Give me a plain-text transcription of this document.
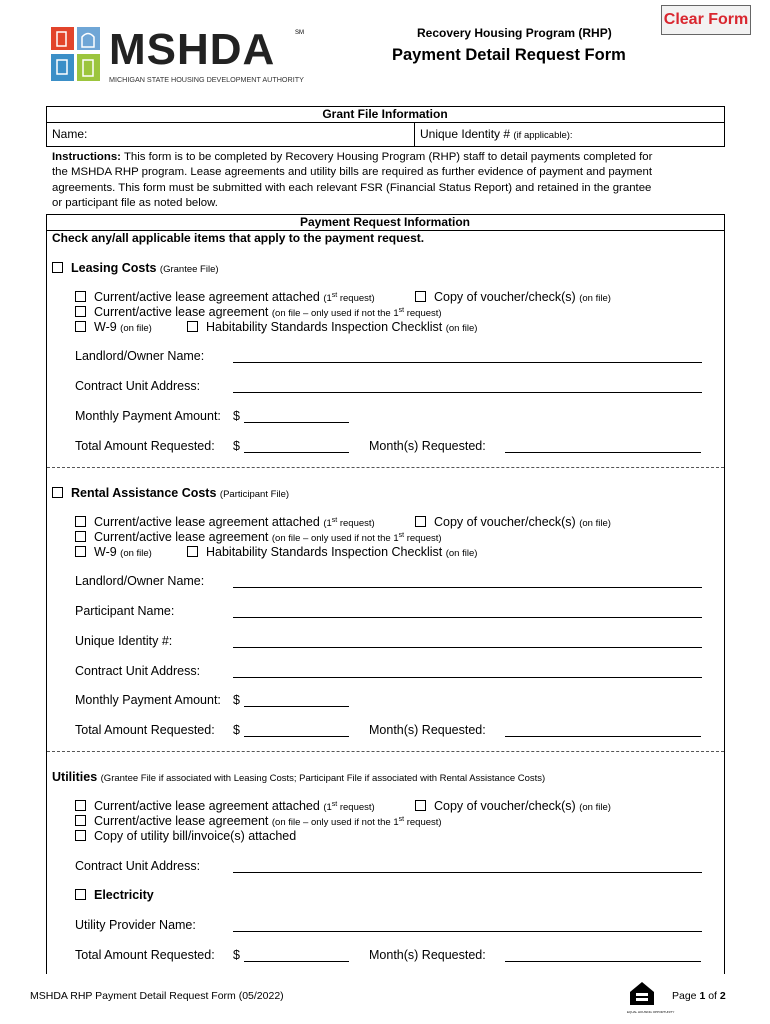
Clear Form
MSHDA	SM
MICHIGAN STATE HOUSING DEVELOPMENT AUTHORITY
Recovery Housing Program (RHP)
Payment Detail Request Form
Grant File Information
Name:	Unique Identity # (if applicable):
Instructions: This form is to be completed by Recovery Housing Program (RHP) staff to detail payments completed for
the MSHDA RHP program. Lease agreements and utility bills are required as further evidence of payment and payment
agreements. This form must be submitted with each relevant FSR (Financial Status Report) and retained in the grantee
or participant file as noted below.
Payment Request Information
Check any/all applicable items that apply to the payment request.
Leasing Costs (Grantee File)
Current/active lease agreement attached (1st request)	Copy of voucher/check(s) (on file)
Current/active lease agreement (on file – only used if not the 1st request)
W-9 (on file)	Habitability Standards Inspection Checklist (on file)
Landlord/Owner Name:
Contract Unit Address:
Monthly Payment Amount: $
Total Amount Requested: $	Month(s) Requested:
Rental Assistance Costs (Participant File)
Current/active lease agreement attached (1st request)	Copy of voucher/check(s) (on file)
Current/active lease agreement (on file – only used if not the 1st request)
W-9 (on file)	Habitability Standards Inspection Checklist (on file)
Landlord/Owner Name:
Participant Name:
Unique Identity #:
Contract Unit Address:
Monthly Payment Amount: $
Total Amount Requested: $	Month(s) Requested:
Utilities (Grantee File if associated with Leasing Costs; Participant File if associated with Rental Assistance Costs)
Current/active lease agreement attached (1st request)	Copy of voucher/check(s) (on file)
Current/active lease agreement (on file – only used if not the 1st request)
Copy of utility bill/invoice(s) attached
Contract Unit Address:
Electricity
Utility Provider Name:
Total Amount Requested: $	Month(s) Requested:
MSHDA RHP Payment Detail Request Form (05/2022)
EQUAL HOUSING OPPORTUNITY
Page 1 of 2
